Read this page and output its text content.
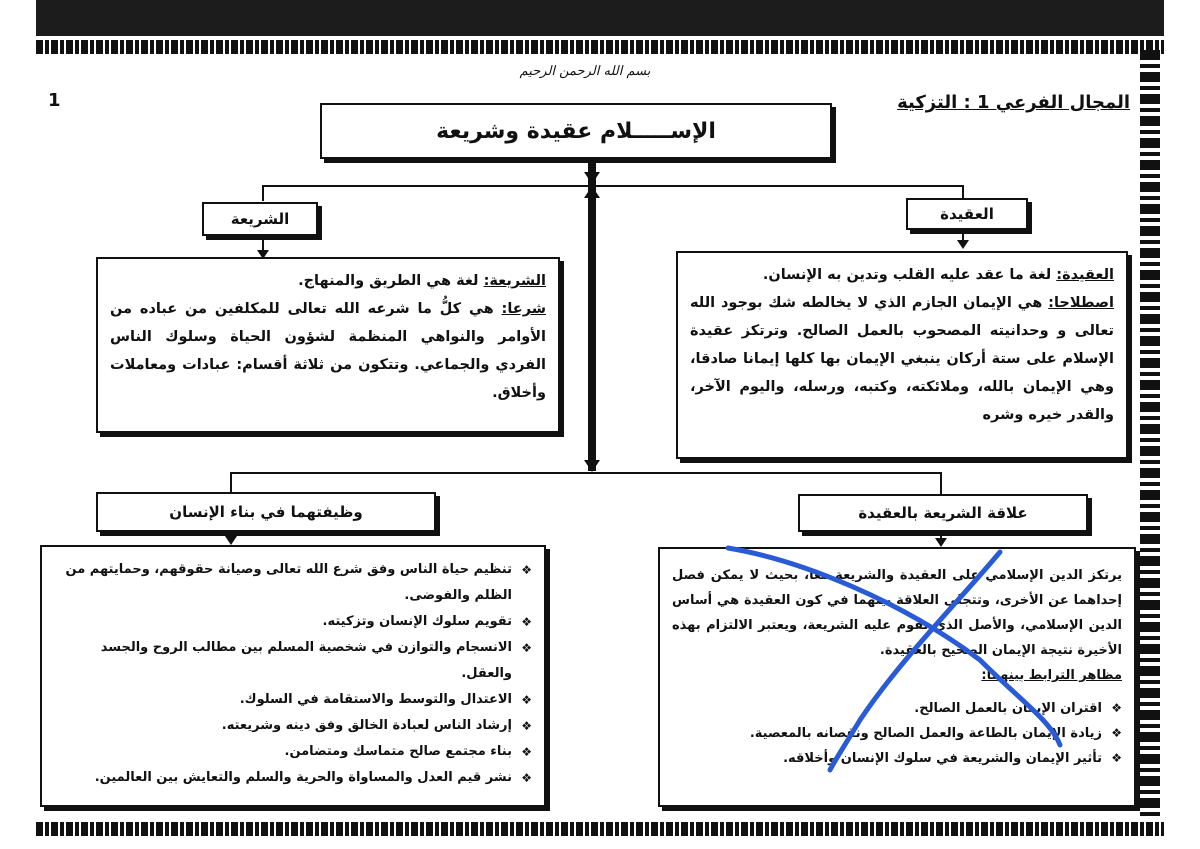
بسم الله الرحمن الرحيم
1	المجال الفرعي 1 : التزكية
الإســـــلام عقيدة وشريعة
العقيدة
الشريعة
العقيدة: لغة ما عقد عليه القلب وتدين به الإنسان.
اصطلاحا: هي الإيمان الجازم الذي لا يخالطه شك بوجود الله تعالى و وحدانيته المصحوب بالعمل الصالح. وترتكز عقيدة الإسلام على ستة أركان ينبغي الإيمان بها كلها إيمانا صادقا، وهي الإيمان بالله، وملائكته، وكتبه، ورسله، واليوم الآخر، والقدر خيره وشره
الشريعة: لغة هي الطريق والمنهاج.
شرعا: هي كلُّ ما شرعه الله تعالى للمكلفين من عباده من الأوامر والنواهي المنظمة لشؤون الحياة وسلوك الناس الفردي والجماعي. وتتكون من ثلاثة أقسام: عبادات ومعاملات وأخلاق.
وظيفتهما في بناء الإنسان	علاقة الشريعة بالعقيدة
❖ تنظيم حياة الناس وفق شرع الله تعالى وصيانة حقوقهم، وحمايتهم من الظلم والفوضى.
❖ تقويم سلوك الإنسان وتزكيته.
❖ الانسجام والتوازن في شخصية المسلم بين مطالب الروح والجسد والعقل.
❖ الاعتدال والتوسط والاستقامة في السلوك.
❖ إرشاد الناس لعبادة الخالق وفق دينه وشريعته.
❖ بناء مجتمع صالح متماسك ومتضامن.
❖ نشر قيم العدل والمساواة والحرية والسلم والتعايش بين العالمين.
يرتكز الدين الإسلامي على العقيدة والشريعة معا، بحيث لا يمكن فصل إحداهما عن الأخرى، وتتجلى العلاقة بينهما في كون العقيدة هي أساس الدين الإسلامي، والأصل الذي تقوم عليه الشريعة، ويعتبر الالتزام بهذه الأخيرة نتيجة الإيمان الصحيح بالعقيدة.
مظاهر الترابط بينهما:
❖ اقتران الإيمان بالعمل الصالح.
❖ زيادة الإيمان بالطاعة والعمل الصالح ونقصانه بالمعصية.
❖ تأثير الإيمان والشريعة في سلوك الإنسان وأخلاقه.
